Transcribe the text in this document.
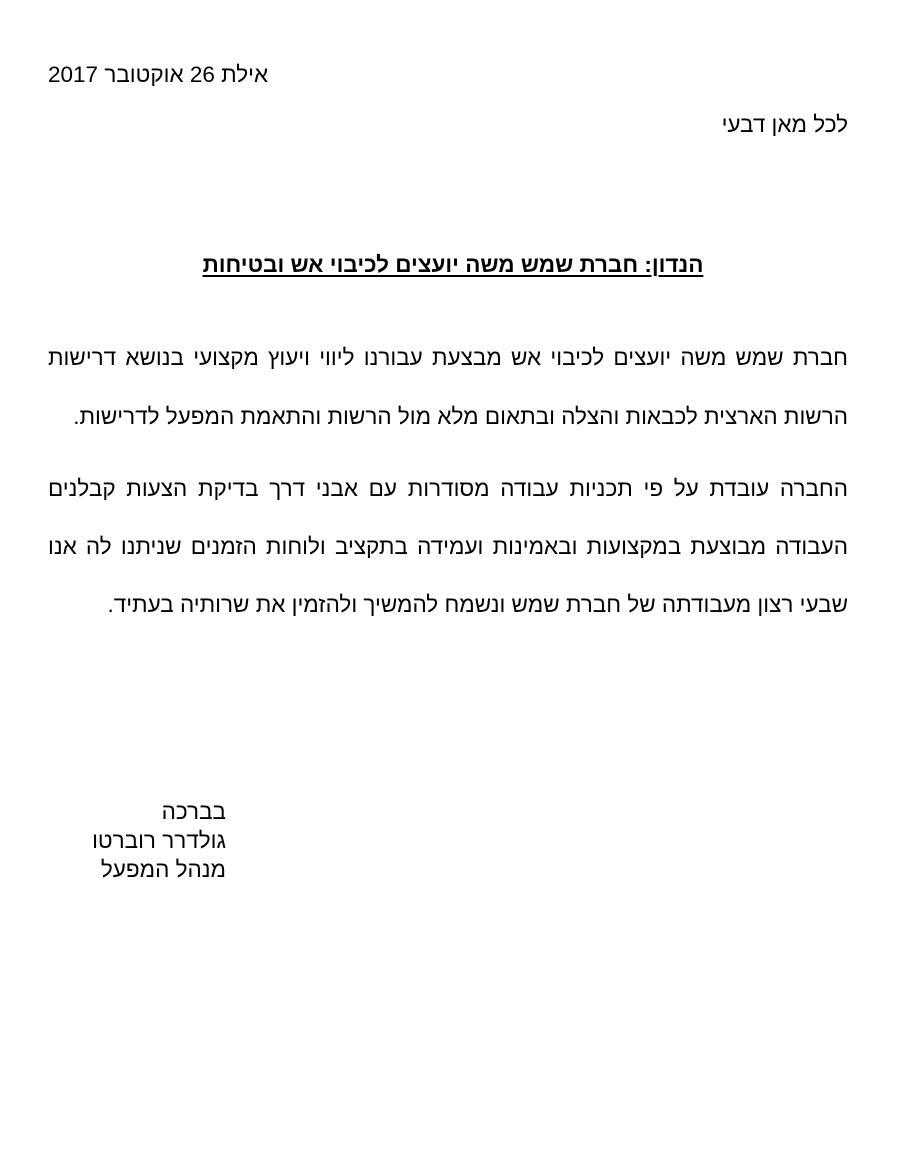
אילת 26 אוקטובר 2017
לכל מאן דבעי
הנדון: חברת שמש משה יועצים לכיבוי אש ובטיחות
חברת שמש משה יועצים לכיבוי אש מבצעת עבורנו ליווי ויעוץ מקצועי בנושא דרישות
הרשות הארצית לכבאות והצלה ובתאום מלא מול הרשות והתאמת המפעל לדרישות.
החברה עובדת על פי תכניות עבודה מסודרות עם אבני דרך בדיקת הצעות קבלנים
העבודה מבוצעת במקצועות ובאמינות ועמידה בתקציב ולוחות הזמנים שניתנו לה אנו
שבעי רצון מעבודתה של חברת שמש ונשמח להמשיך ולהזמין את שרותיה בעתיד.
בברכה
גולדרר רוברטו
מנהל המפעל
